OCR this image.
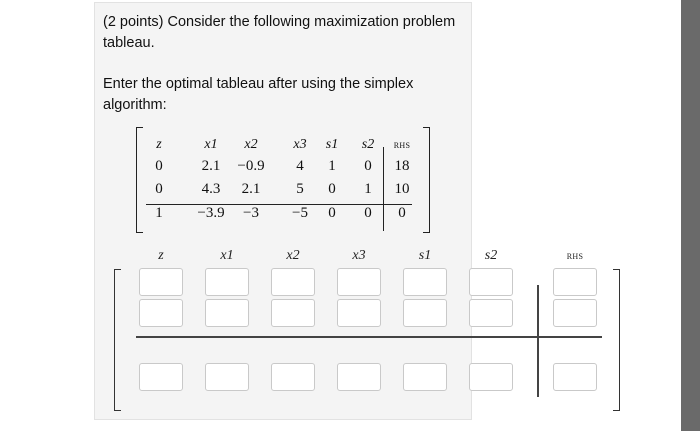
(2 points) Consider the following maximization problem tableau.
Enter the optimal tableau after using the simplex algorithm:
z	x1	x2	x3	s1	s2	RHS
0	2.1	−0.9	4	1	0	18
0	4.3	2.1	5	0	1	10
1	−3.9	−3	−5	0	0	0
z	x1	x2	x3	s1	s2	RHS
